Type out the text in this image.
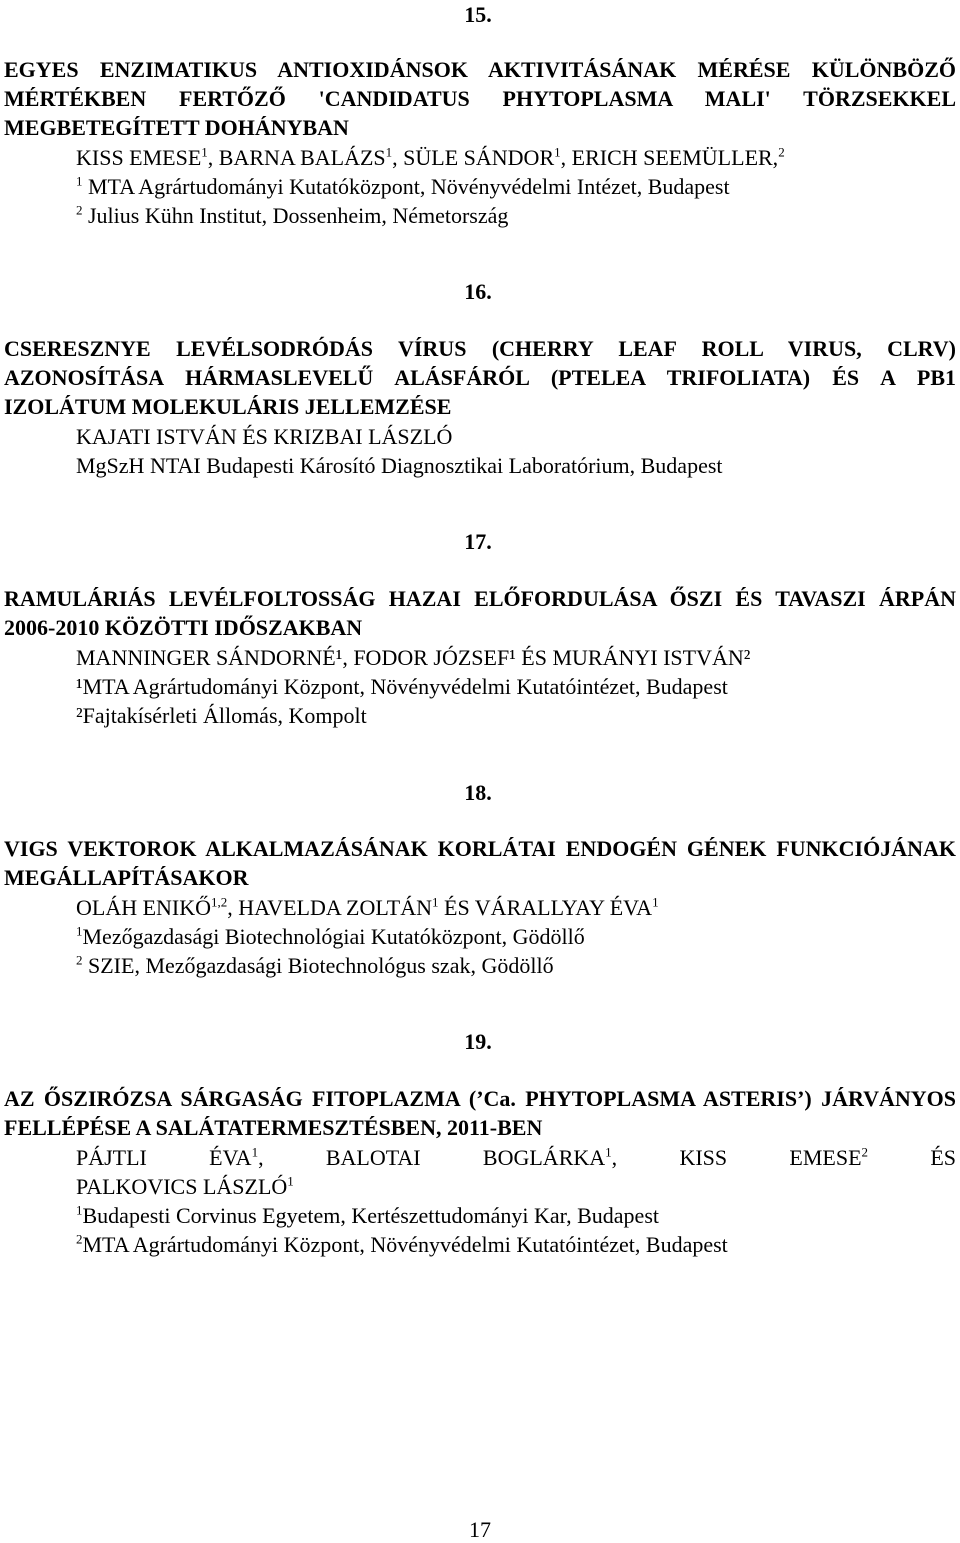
15.
EGYES ENZIMATIKUS ANTIOXIDÁNSOK AKTIVITÁSÁNAK MÉRÉSE KÜLÖNBÖZŐ MÉRTÉKBEN FERTŐZŐ 'CANDIDATUS PHYTOPLASMA MALI' TÖRZSEKKEL MEGBETEGÍTETT DOHÁNYBAN
KISS EMESE$^1$, BARNA BALÁZS$^1$, SÜLE SÁNDOR$^1$, ERICH SEEMÜLLER,$^2$
$^1$ MTA Agrártudományi Kutatóközpont, Növényvédelmi Intézet, Budapest
$^2$ Julius Kühn Institut, Dossenheim, Németország
16.
CSERESZNYE LEVÉLSODRÓDÁS VÍRUS (CHERRY LEAF ROLL VIRUS, CLRV) AZONOSÍTÁSA HÁRMASLEVELŰ ALÁSFÁRÓL (PTELEA TRIFOLIATA) ÉS A PB1 IZOLÁTUM MOLEKULÁRIS JELLEMZÉSE
KAJATI ISTVÁN ÉS KRIZBAI LÁSZLÓ
MgSzH NTAI Budapesti Károsító Diagnosztikai Laboratórium, Budapest
17.
RAMULÁRIÁS LEVÉLFOLTOSSÁG HAZAI ELŐFORDULÁSA ŐSZI ÉS TAVASZI ÁRPÁN 2006-2010 KÖZÖTTI IDŐSZAKBAN
MANNINGER SÁNDORNÉ¹, FODOR JÓZSEF¹ ÉS MURÁNYI ISTVÁN²
¹MTA Agrártudományi Központ, Növényvédelmi Kutatóintézet, Budapest
²Fajtakísérleti Állomás, Kompolt
18.
VIGS VEKTOROK ALKALMAZÁSÁNAK KORLÁTAI ENDOGÉN GÉNEK FUNKCIÓJÁNAK MEGÁLLAPÍTÁSAKOR
OLÁH ENIKŐ$^{1,2}$, HAVELDA ZOLTÁN$^1$ ÉS VÁRALLYAY ÉVA$^1$
$^1$Mezőgazdasági Biotechnológiai Kutatóközpont, Gödöllő
$^2$ SZIE, Mezőgazdasági Biotechnológus szak, Gödöllő
19.
AZ ŐSZIRÓZSA SÁRGASÁG FITOPLAZMA (’Ca. PHYTOPLASMA ASTERIS’) JÁRVÁNYOS FELLÉPÉSE A SALÁTATERMESZTÉSBEN, 2011-BEN
PÁJTLI ÉVA$^1$, BALOTAI BOGLÁRKA$^1$, KISS EMESE$^2$ ÉS
PALKOVICS LÁSZLÓ$^1$
$^1$Budapesti Corvinus Egyetem, Kertészettudományi Kar, Budapest
$^2$MTA Agrártudományi Központ, Növényvédelmi Kutatóintézet, Budapest
17
